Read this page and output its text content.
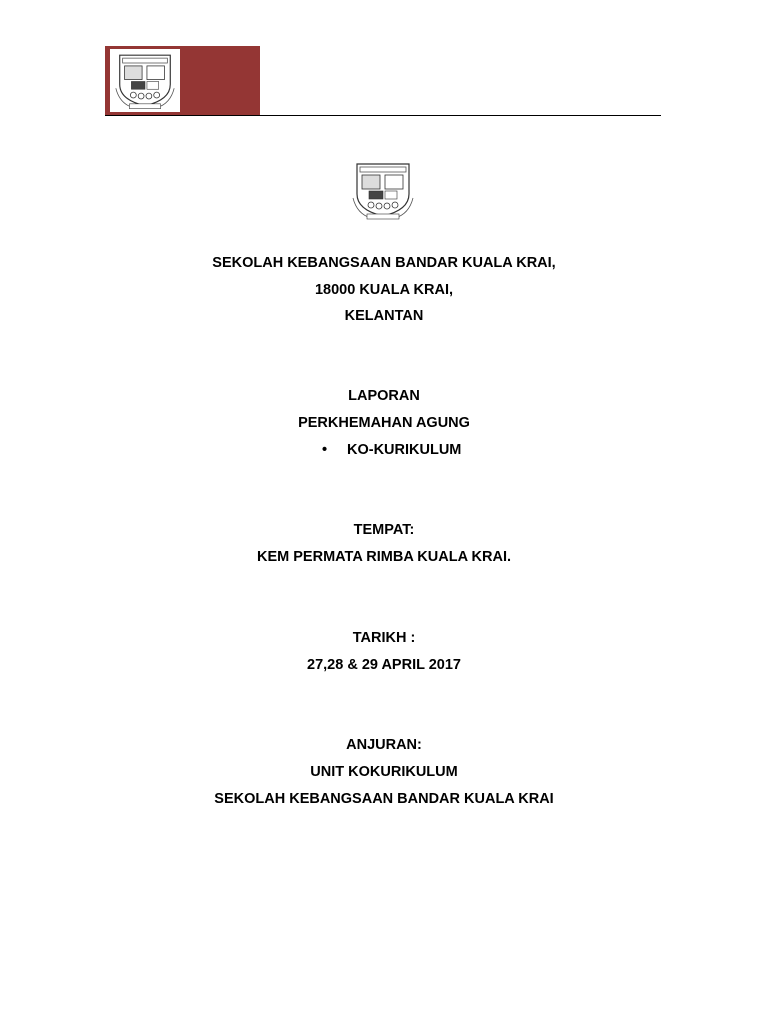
SEKOLAH KEBANGSAAN BANDAR KUALA KRAI,
18000 KUALA KRAI,
KELANTAN
LAPORAN
PERKHEMAHAN AGUNG
• KO-KURIKULUM
TEMPAT:
KEM PERMATA RIMBA KUALA KRAI.
TARIKH :
27,28 & 29 APRIL 2017
ANJURAN:
UNIT KOKURIKULUM
SEKOLAH KEBANGSAAN BANDAR KUALA KRAI
